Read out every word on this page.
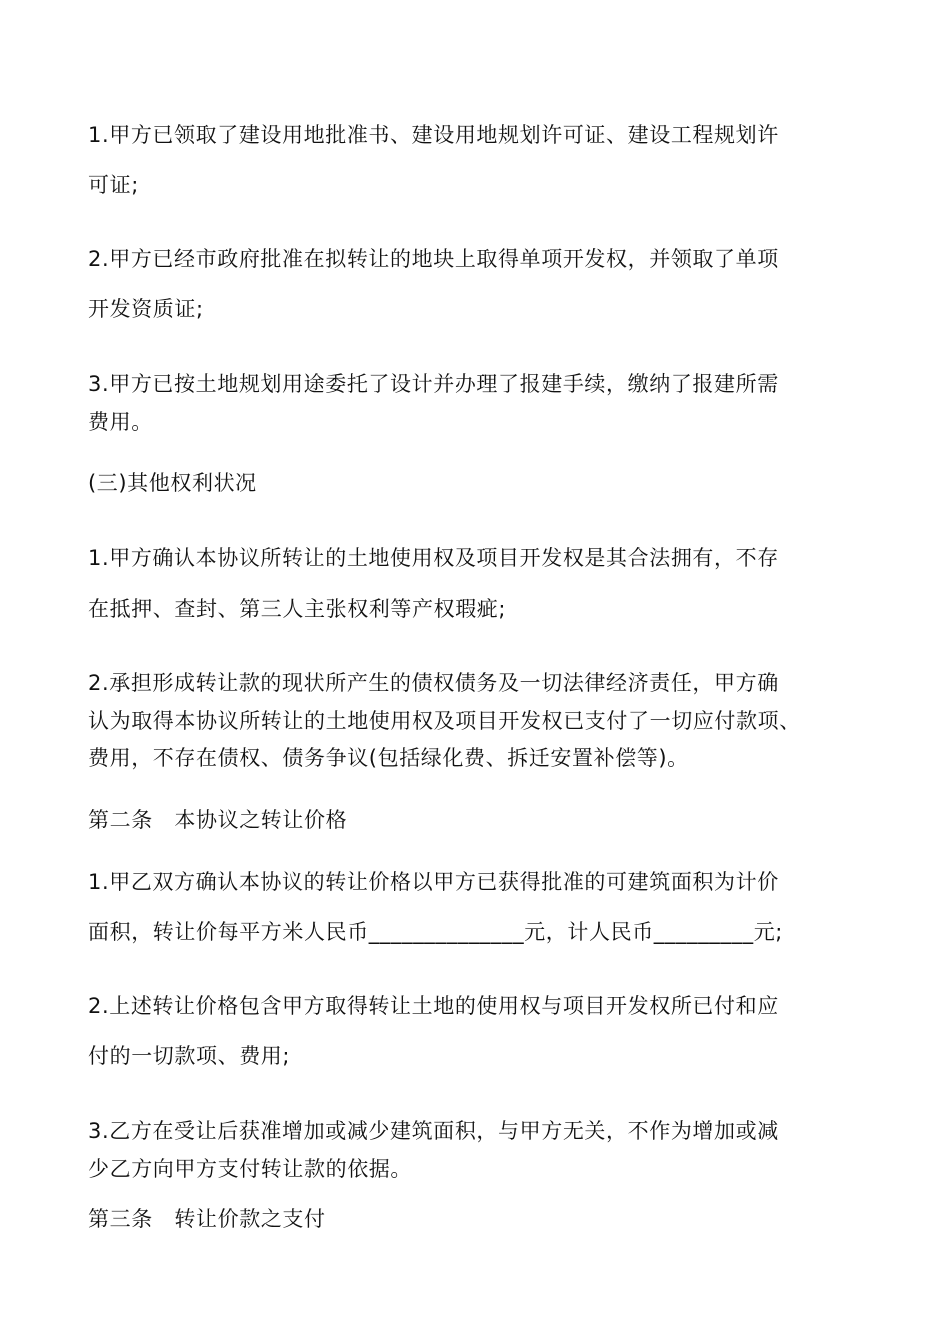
1.甲方已领取了建设用地批准书、建设用地规划许可证、建设工程规划许
可证;
2.甲方已经市政府批准在拟转让的地块上取得单项开发权，并领取了单项
开发资质证;
3.甲方已按土地规划用途委托了设计并办理了报建手续，缴纳了报建所需
费用。
(三)其他权利状况
1.甲方确认本协议所转让的土地使用权及项目开发权是其合法拥有，不存
在抵押、查封、第三人主张权利等产权瑕疵;
2.承担形成转让款的现状所产生的债权债务及一切法律经济责任，甲方确
认为取得本协议所转让的土地使用权及项目开发权已支付了一切应付款项、
费用，不存在债权、债务争议(包括绿化费、拆迁安置补偿等)。
第二条　本协议之转让价格
1.甲乙双方确认本协议的转让价格以甲方已获得批准的可建筑面积为计价
面积，转让价每平方米人民币______________元，计人民币_________元;
2.上述转让价格包含甲方取得转让土地的使用权与项目开发权所已付和应
付的一切款项、费用;
3.乙方在受让后获准增加或减少建筑面积，与甲方无关，不作为增加或减
少乙方向甲方支付转让款的依据。
第三条　转让价款之支付
